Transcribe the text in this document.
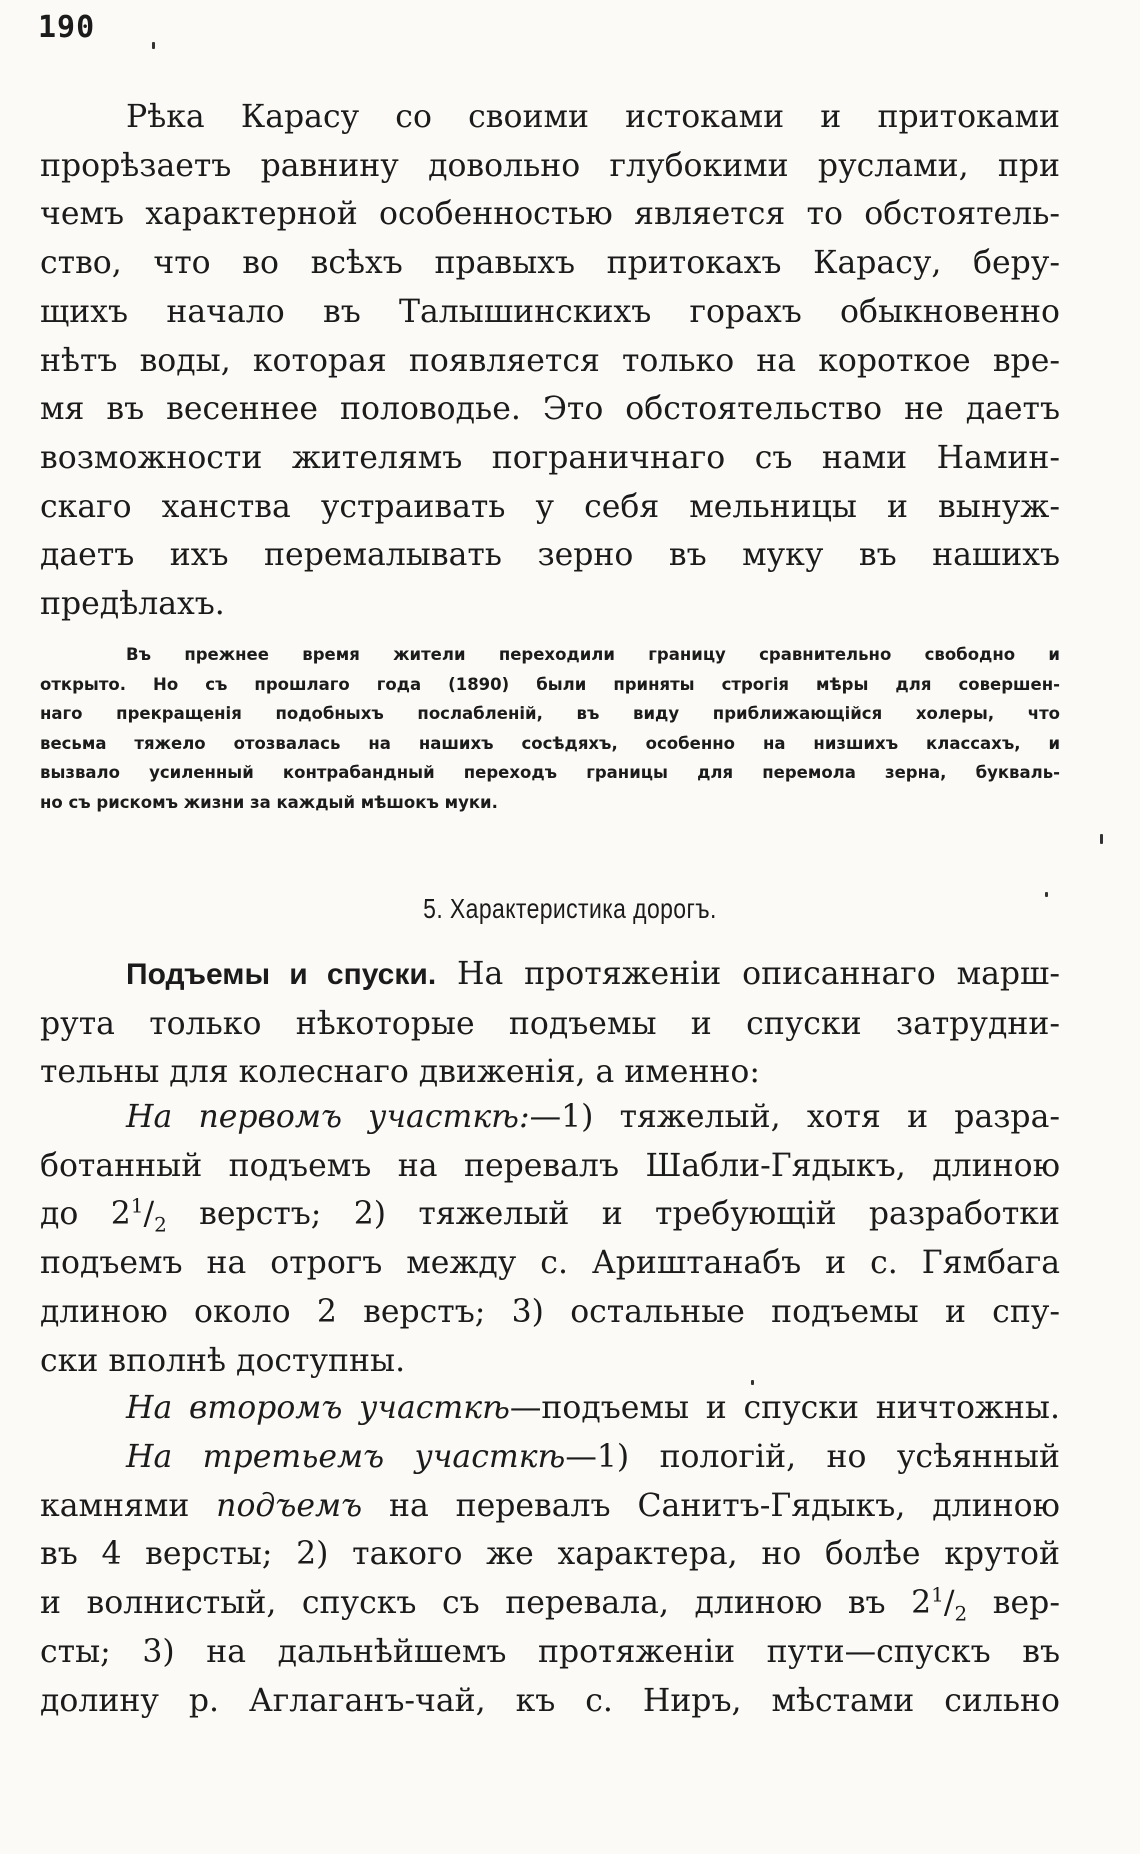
190
Рѣка Карасу со своими истоками и притоками
прорѣзаетъ равнину довольно глубокими руслами, при
чемъ характерной особенностью является то обстоятель-
ство, что во всѣхъ правыхъ притокахъ Карасу, беру-
щихъ начало въ Талышинскихъ горахъ обыкновенно
нѣтъ воды, которая появляется только на короткое вре-
мя въ весеннее половодье. Это обстоятельство не даетъ
возможности жителямъ пограничнаго съ нами Намин-
скаго ханства устраивать у себя мельницы и вынуж-
даетъ ихъ перемалывать зерно въ муку въ нашихъ
предѣлахъ.
Въ прежнее время жители переходили границу сравнительно свободно и
открыто. Но съ прошлаго года (1890) были приняты строгія мѣры для совершен-
наго прекращенія подобныхъ послабленій, въ виду приближающійся холеры, что
весьма тяжело отозвалась на нашихъ сосѣдяхъ, особенно на низшихъ классахъ, и
вызвало усиленный контрабандный переходъ границы для перемола зерна, букваль-
но съ рискомъ жизни за каждый мѣшокъ муки.
5. Характеристика дорогъ.
Подъемы и спуски. На протяженіи описаннаго марш-
рута только нѣкоторые подъемы и спуски затрудни-
тельны для колеснаго движенія, а именно:
На первомъ участкѣ:—1) тяжелый, хотя и разра-
ботанный подъемъ на перевалъ Шабли-Гядыкъ, длиною
до $2^1/_2$ верстъ; 2) тяжелый и требующій разработки
подъемъ на отрогъ между с. Ариштанабъ и с. Гямбага
длиною около 2 верстъ; 3) остальные подъемы и спу-
ски вполнѣ доступны.
На второмъ участкѣ—подъемы и спуски ничтожны.
На третьемъ участкѣ—1) пологій, но усѣянный
камнями подъемъ на перевалъ Санитъ-Гядыкъ, длиною
въ 4 версты; 2) такого же характера, но болѣе крутой
и волнистый, спускъ съ перевала, длиною въ $2^1/_2$ вер-
сты; 3) на дальнѣйшемъ протяженіи пути—спускъ въ
долину р. Аглаганъ-чай, къ с. Ниръ, мѣстами сильно
